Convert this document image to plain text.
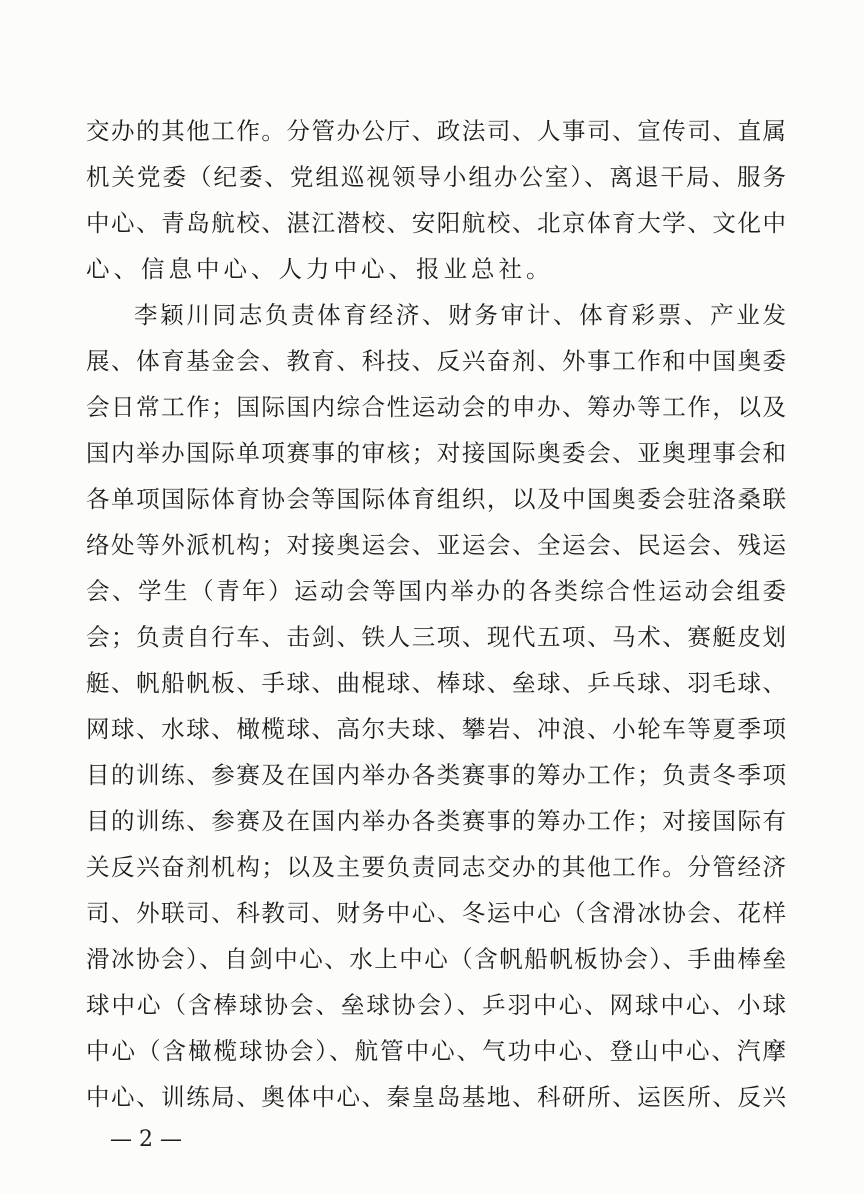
交办的其他工作。分管办公厅、政法司、人事司、宣传司、直属
机关党委（纪委、党组巡视领导小组办公室）、离退干局、服务
中心、青岛航校、湛江潜校、安阳航校、北京体育大学、文化中
心、信息中心、人力中心、报业总社。
李颖川同志负责体育经济、财务审计、体育彩票、产业发
展、体育基金会、教育、科技、反兴奋剂、外事工作和中国奥委
会日常工作；国际国内综合性运动会的申办、筹办等工作，以及
国内举办国际单项赛事的审核；对接国际奥委会、亚奥理事会和
各单项国际体育协会等国际体育组织，以及中国奥委会驻洛桑联
络处等外派机构；对接奥运会、亚运会、全运会、民运会、残运
会、学生（青年）运动会等国内举办的各类综合性运动会组委
会；负责自行车、击剑、铁人三项、现代五项、马术、赛艇皮划
艇、帆船帆板、手球、曲棍球、棒球、垒球、乒乓球、羽毛球、
网球、水球、橄榄球、高尔夫球、攀岩、冲浪、小轮车等夏季项
目的训练、参赛及在国内举办各类赛事的筹办工作；负责冬季项
目的训练、参赛及在国内举办各类赛事的筹办工作；对接国际有
关反兴奋剂机构；以及主要负责同志交办的其他工作。分管经济
司、外联司、科教司、财务中心、冬运中心（含滑冰协会、花样
滑冰协会）、自剑中心、水上中心（含帆船帆板协会）、手曲棒垒
球中心（含棒球协会、垒球协会）、乒羽中心、网球中心、小球
中心（含橄榄球协会）、航管中心、气功中心、登山中心、汽摩
中心、训练局、奥体中心、秦皇岛基地、科研所、运医所、反兴
— 2 —
